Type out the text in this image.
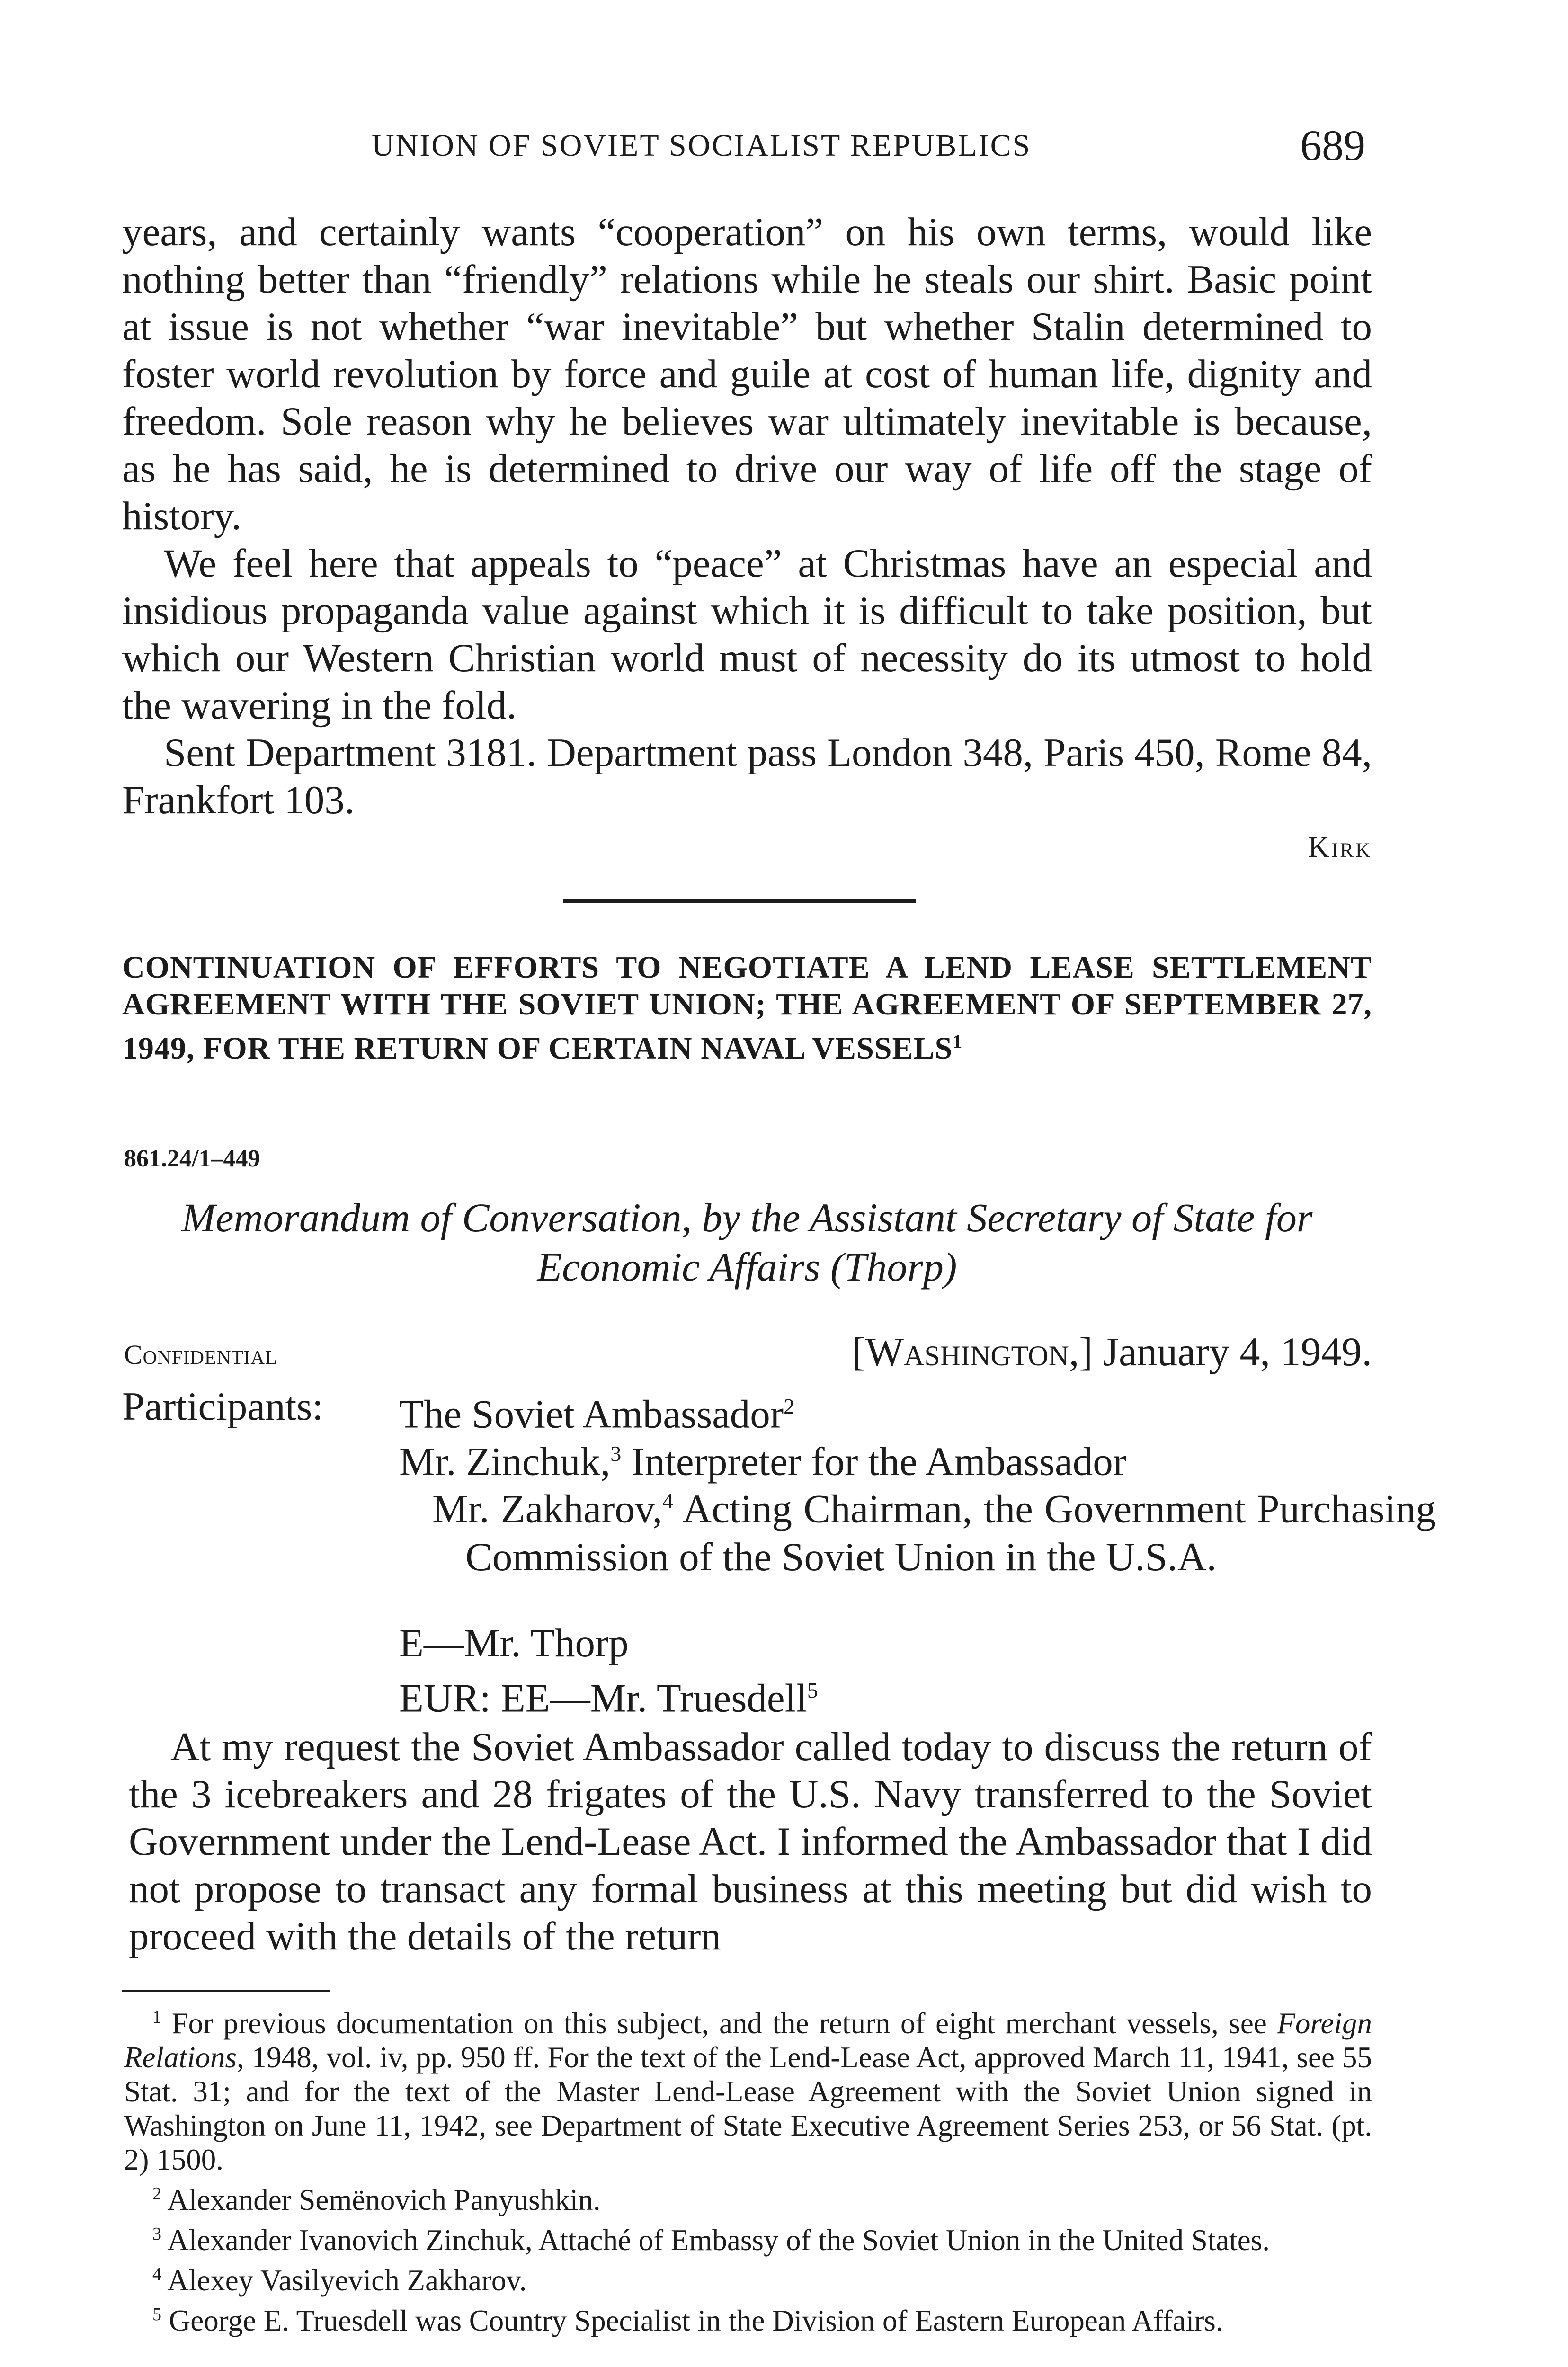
UNION OF SOVIET SOCIALIST REPUBLICS	689

years, and certainly wants “cooperation” on his own terms, would like nothing better than “friendly” relations while he steals our shirt. Basic point at issue is not whether “war inevitable” but whether Stalin determined to foster world revolution by force and guile at cost of human life, dignity and freedom. Sole reason why he believes war ultimately inevitable is because, as he has said, he is determined to drive our way of life off the stage of history.

We feel here that appeals to “peace” at Christmas have an especial and insidious propaganda value against which it is difficult to take position, but which our Western Christian world must of necessity do its utmost to hold the wavering in the fold.

Sent Department 3181. Department pass London 348, Paris 450, Rome 84, Frankfort 103.

Kirk
CONTINUATION OF EFFORTS TO NEGOTIATE A LEND LEASE SETTLEMENT AGREEMENT WITH THE SOVIET UNION; THE AGREEMENT OF SEPTEMBER 27, 1949, FOR THE RETURN OF CERTAIN NAVAL VESSELS$^1$
861.24/1–449
Memorandum of Conversation, by the Assistant Secretary of State for
Economic Affairs (Thorp)
Confidential	[Washington,] January 4, 1949.
Participants: The Soviet Ambassador$^2$
Mr. Zinchuk,$^3$ Interpreter for the Ambassador
Mr. Zakharov,$^4$ Acting Chairman, the Government Purchasing Commission of the Soviet Union in the U.S.A.
E—Mr. Thorp
EUR: EE—Mr. Truesdell$^5$

At my request the Soviet Ambassador called today to discuss the return of the 3 icebreakers and 28 frigates of the U.S. Navy transferred to the Soviet Government under the Lend-Lease Act. I informed the Ambassador that I did not propose to transact any formal business at this meeting but did wish to proceed with the details of the return

$^1$ For previous documentation on this subject, and the return of eight merchant vessels, see Foreign Relations, 1948, vol. iv, pp. 950 ff. For the text of the Lend-Lease Act, approved March 11, 1941, see 55 Stat. 31; and for the text of the Master Lend-Lease Agreement with the Soviet Union signed in Washington on June 11, 1942, see Department of State Executive Agreement Series 253, or 56 Stat. (pt. 2) 1500.

$^2$ Alexander Semënovich Panyushkin.

$^3$ Alexander Ivanovich Zinchuk, Attaché of Embassy of the Soviet Union in the United States.

$^4$ Alexey Vasilyevich Zakharov.

$^5$ George E. Truesdell was Country Specialist in the Division of Eastern European Affairs.
